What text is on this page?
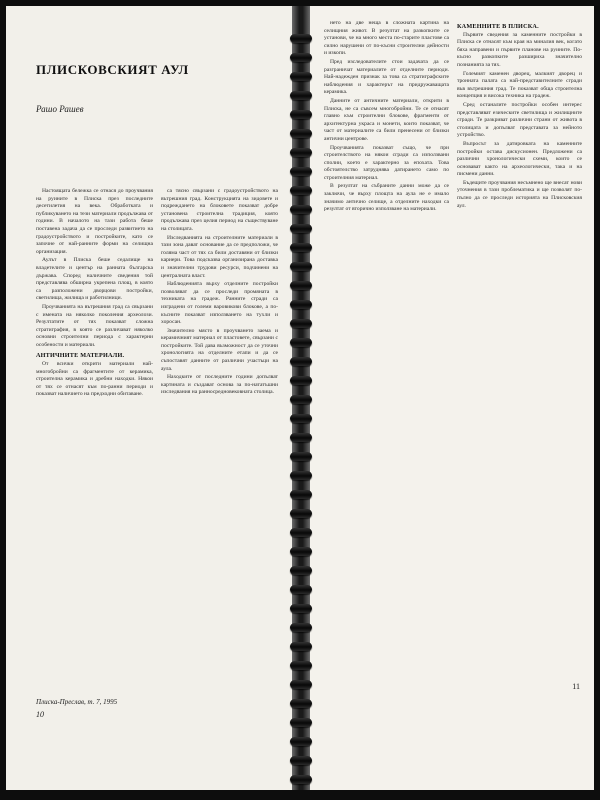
ПЛИСКОВСКИЯТ АУЛ
Рашо Рашев

Настоящата бележка се отнася до проучвания на руините в Плиска през последните десетилетия на века. Обработката и публикуването на тези материали продължава от години. В началото на тази работа беше поставена задача да се проследи развитието на градоустройството и постройките, като се започне от най-ранните форми на селищна организация.

Аулът в Плиска беше седалище на владетелите и център на ранната българска държава. Според наличните сведения той представлява обширна укрепена площ, в която са разположени дворцови постройки, светилища, жилища и работилници.

Проучванията на вътрешния град са свързани с имената на няколко поколения археолози. Резултатите от тях показват сложна стратиграфия, в която се различават няколко основни строителни периода с характерни особености и материали.

АНТИЧНИТЕ МАТЕРИАЛИ.

От всички открити материали най-многобройни са фрагментите от керамика, строителна керамика и дребни находки. Някои от тях се отнасят към по-ранни периоди и показват наличието на предходни обитаване.

са тясно свързани с градоустройството на вътрешния град. Конструкцията на зидовете и подреждането на блоковете показват добре установена строителна традиция, която продължава през целия период на съществуване на столицата.

Изследванията на строителните материали в тази зона дават основание да се предположи, че голяма част от тях са били доставяни от близки кариери. Това подсказва организирана доставка и значителни трудови ресурси, подчинени на централната власт.

Наблюденията върху отделните постройки позволяват да се проследи промяната в техниката на градеж. Ранните сгради са изградени от големи варовикови блокове, а по-късните показват използването на тухли и хоросан.

Значително място в проучването заема и керамичният материал от пластовете, свързани с постройките. Той дава възможност да се уточни хронологията на отделните етапи и да се съпоставят данните от различни участъци на аула.

Находките от последните години допълват картината и създават основа за по-нататъшни изследвания на ранносредновековната столица.

Плиска-Преслав, т. 7, 1995
10

нето на две неща в сложната картина на селищния живот. В резултат на разкопките се установи, че на много места по-старите пластове са силно нарушени от по-късни строителни дейности и изкопи.

Пред изследователите стои задачата да се разграничат материалите от отделните периоди. Най-надежден признак за това са стратиграфските наблюдения и характерът на придружаващата керамика.

Данните от античните материали, открити в Плиска, не са съвсем многобройни. Те се отнасят главно към строителни блокове, фрагменти от архитектурна украса и монети, които показват, че част от материалите са били пренесени от близки антични центрове.

Проучванията показват също, че при строителството на някои сгради са използвани сполии, което е характерно за епохата. Това обстоятелство затруднява датирането само по строителния материал.

В резултат на събраните данни може да се заключи, че върху площта на аула не е имало значимо антично селище, а отделните находки са резултат от вторично използване на материали.

КАМЕННИТЕ В ПЛИСКА.

Първите сведения за каменните постройки в Плиска се отнасят към края на миналия век, когато бяха направени и първите планове на руините. По-късно разкопките разшириха значително познанията за тях.

Големият каменен дворец, малкият дворец и тронната палата са най-представителните сгради във вътрешния град. Те показват обща строителна концепция и висока техника на градеж.

Сред останалите постройки особен интерес представляват езическите светилища и жилищните сгради. Те разкриват различни страни от живота в столицата и допълват представата за нейното устройство.

Въпросът за датировката на каменните постройки остава дискусионен. Предложени са различни хронологически схеми, които се основават както на археологически, така и на писмени данни.

Бъдещите проучвания несъмнено ще внесат нови уточнения в тази проблематика и ще позволят по-пълно да се проследи историята на Плисковския аул.

11
